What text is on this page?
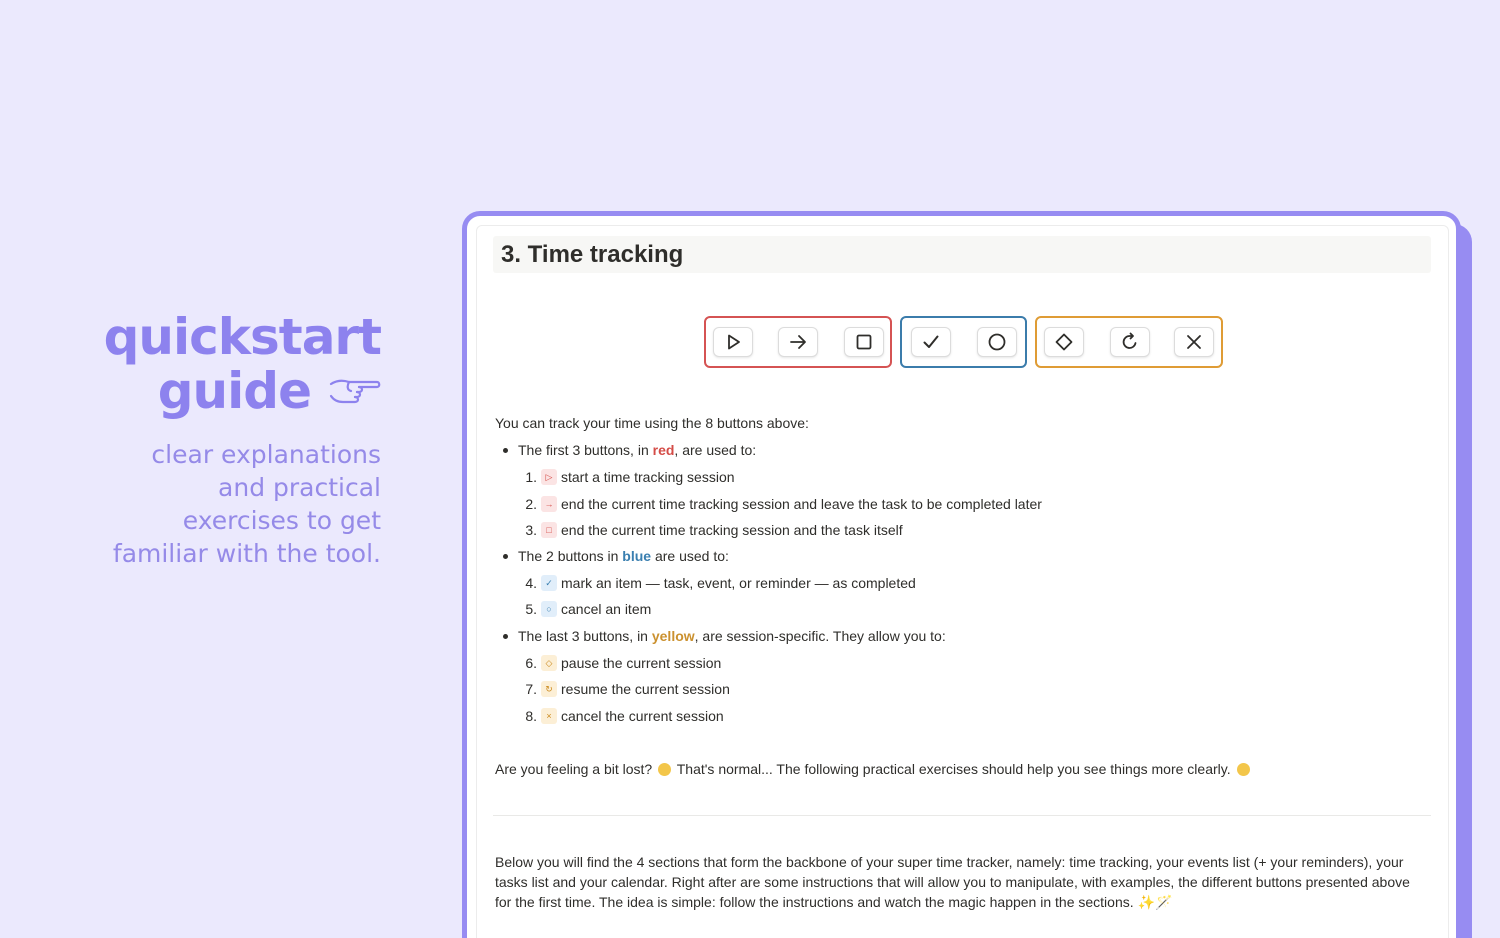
quickstart
guide
clear explanations
and practical
exercises to get
familiar with the tool.
3. Time tracking
You can track your time using the 8 buttons above:
The first 3 buttons, in red, are used to:
1. ▷ start a time tracking session
2. → end the current time tracking session and leave the task to be completed later
3.	□ end the current time tracking session and the task itself
The 2 buttons in blue are used to:
4. ✓ mark an item — task, event, or reminder — as completed
5.	○ cancel an item
The last 3 buttons, in yellow, are session-specific. They allow you to:
6. ◇ pause the current session
7. ↻ resume the current session
8.	× cancel the current session
Are you feeling a bit lost? That's normal... The following practical exercises should help you see things more clearly.
Below you will find the 4 sections that form the backbone of your super time tracker, namely: time tracking, your events list (+ your reminders), your tasks list and your calendar. Right after are some instructions that will allow you to manipulate, with examples, the different buttons presented above for the first time. The idea is simple: follow the instructions and watch the magic happen in the sections. ✨🪄
